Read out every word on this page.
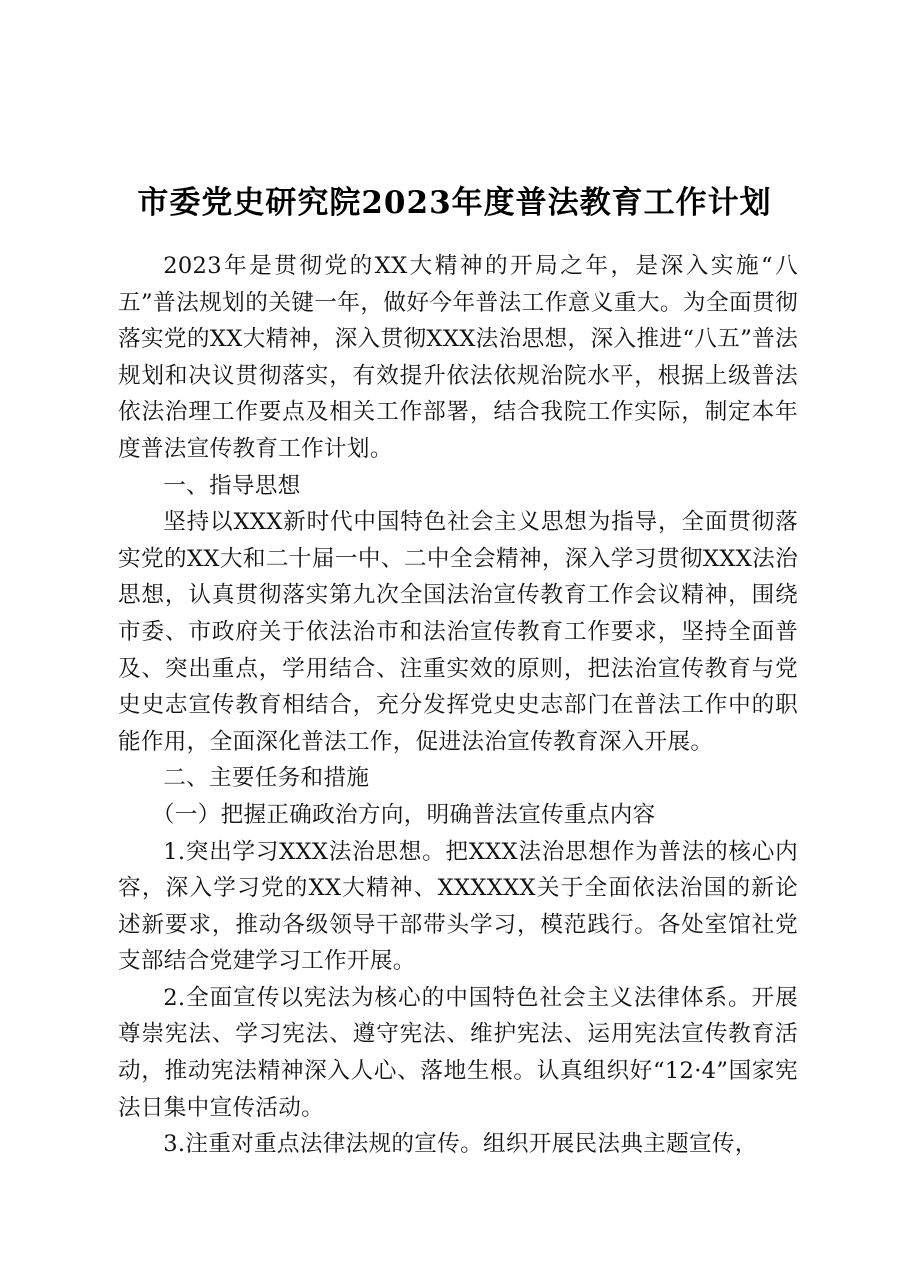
市委党史研究院2023年度普法教育工作计划

2023年是贯彻党的XX大精神的开局之年，是深入实施“八五”普法规划的关键一年，做好今年普法工作意义重大。为全面贯彻落实党的XX大精神，深入贯彻XXX法治思想，深入推进“八五”普法规划和决议贯彻落实，有效提升依法依规治院水平，根据上级普法依法治理工作要点及相关工作部署，结合我院工作实际，制定本年度普法宣传教育工作计划。

一、指导思想

坚持以XXX新时代中国特色社会主义思想为指导，全面贯彻落实党的XX大和二十届一中、二中全会精神，深入学习贯彻XXX法治思想，认真贯彻落实第九次全国法治宣传教育工作会议精神，围绕市委、市政府关于依法治市和法治宣传教育工作要求，坚持全面普及、突出重点，学用结合、注重实效的原则，把法治宣传教育与党史史志宣传教育相结合，充分发挥党史史志部门在普法工作中的职能作用，全面深化普法工作，促进法治宣传教育深入开展。

二、主要任务和措施

（一）把握正确政治方向，明确普法宣传重点内容

1.突出学习XXX法治思想。把XXX法治思想作为普法的核心内容，深入学习党的XX大精神、XXXXXX关于全面依法治国的新论述新要求，推动各级领导干部带头学习，模范践行。各处室馆社党支部结合党建学习工作开展。

2.全面宣传以宪法为核心的中国特色社会主义法律体系。开展尊崇宪法、学习宪法、遵守宪法、维护宪法、运用宪法宣传教育活动，推动宪法精神深入人心、落地生根。认真组织好“12·4”国家宪法日集中宣传活动。

3.注重对重点法律法规的宣传。组织开展民法典主题宣传，
